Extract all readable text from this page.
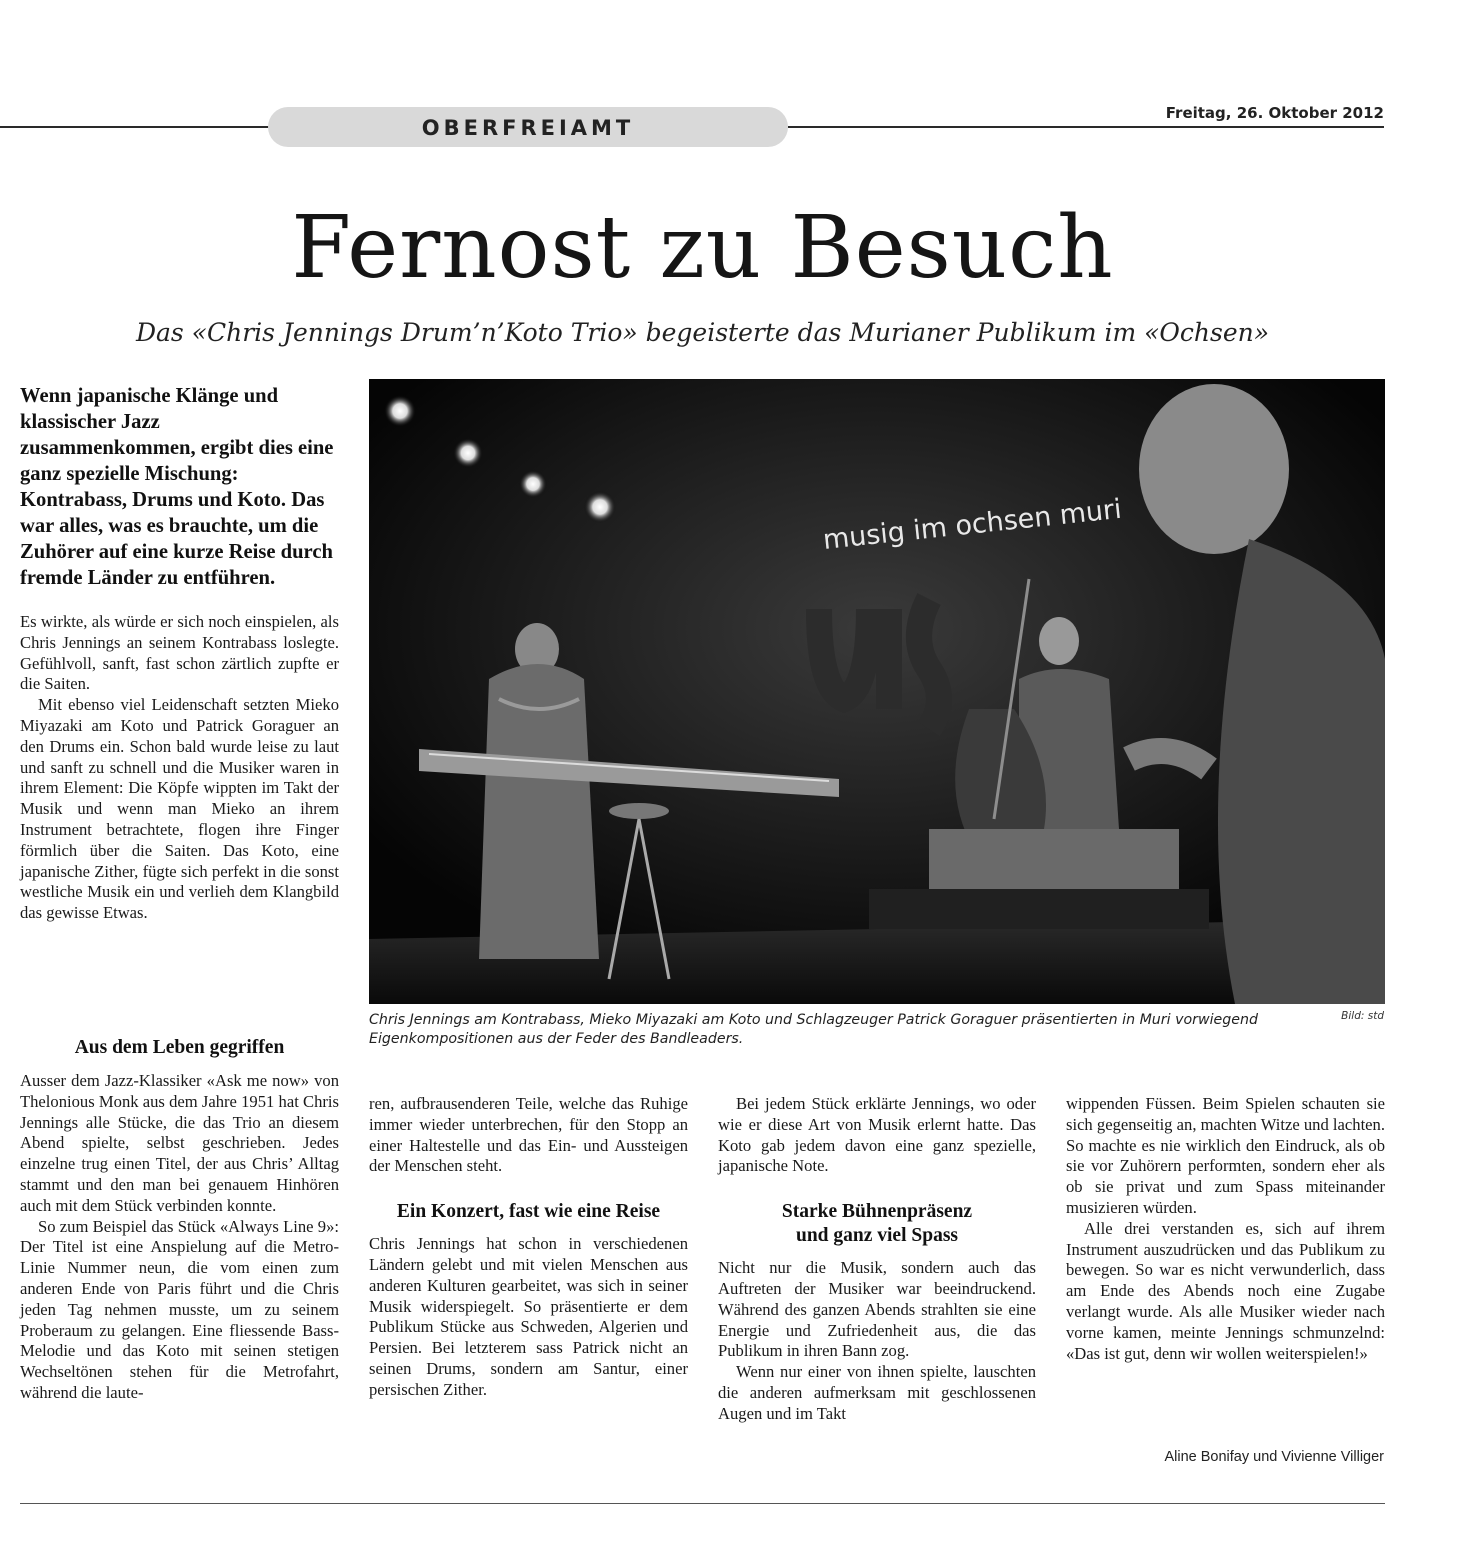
OBERFREIAMT
Freitag, 26. Oktober 2012
Fernost zu Besuch
Das «Chris Jennings Drum’n’Koto Trio» begeisterte das Murianer Publikum im «Ochsen»
Wenn japanische Klänge und klassischer Jazz zusammenkommen, ergibt dies eine ganz spezielle Mischung: Kontrabass, Drums und Koto. Das war alles, was es brauchte, um die Zuhörer auf eine kurze Reise durch fremde Länder zu entführen.

Es wirkte, als würde er sich noch einspielen, als Chris Jennings an seinem Kontrabass loslegte. Gefühlvoll, sanft, fast schon zärtlich zupfte er die Saiten.

Mit ebenso viel Leidenschaft setzten Mieko Miyazaki am Koto und Patrick Goraguer an den Drums ein. Schon bald wurde leise zu laut und sanft zu schnell und die Musiker waren in ihrem Element: Die Köpfe wippten im Takt der Musik und wenn man Mieko an ihrem Instrument betrachtete, flogen ihre Finger förmlich über die Saiten. Das Koto, eine japanische Zither, fügte sich perfekt in die sonst westliche Musik ein und verlieh dem Klangbild das gewisse Etwas.

Aus dem Leben gegriffen

Ausser dem Jazz-Klassiker «Ask me now» von Thelonious Monk aus dem Jahre 1951 hat Chris Jennings alle Stücke, die das Trio an diesem Abend spielte, selbst geschrieben. Jedes einzelne trug einen Titel, der aus Chris’ Alltag stammt und den man bei genauem Hinhören auch mit dem Stück verbinden konnte.

So zum Beispiel das Stück «Always Line 9»: Der Titel ist eine Anspielung auf die Metro-Linie Nummer neun, die vom einen zum anderen Ende von Paris führt und die Chris jeden Tag nehmen musste, um zu seinem Proberaum zu gelangen. Eine fliessende Bass-Melodie und das Koto mit seinen stetigen Wechseltönen stehen für die Metrofahrt, während die laute-

ren, aufbrausenderen Teile, welche das Ruhige immer wieder unterbrechen, für den Stopp an einer Haltestelle und das Ein- und Aussteigen der Menschen steht.

Ein Konzert, fast wie eine Reise

Chris Jennings hat schon in verschiedenen Ländern gelebt und mit vielen Menschen aus anderen Kulturen gearbeitet, was sich in seiner Musik widerspiegelt. So präsentierte er dem Publikum Stücke aus Schweden, Algerien und Persien. Bei letzterem sass Patrick nicht an seinen Drums, sondern am Santur, einer persischen Zither.

Bei jedem Stück erklärte Jennings, wo oder wie er diese Art von Musik erlernt hatte. Das Koto gab jedem davon eine ganz spezielle, japanische Note.

Starke Bühnenpräsenz
und ganz viel Spass

Nicht nur die Musik, sondern auch das Auftreten der Musiker war beeindruckend. Während des ganzen Abends strahlten sie eine Energie und Zufriedenheit aus, die das Publikum in ihren Bann zog.

Wenn nur einer von ihnen spielte, lauschten die anderen aufmerksam mit geschlossenen Augen und im Takt

wippenden Füssen. Beim Spielen schauten sie sich gegenseitig an, machten Witze und lachten. So machte es nie wirklich den Eindruck, als ob sie vor Zuhörern performten, sondern eher als ob sie privat und zum Spass miteinander musizieren würden.

Alle drei verstanden es, sich auf ihrem Instrument auszudrücken und das Publikum zu bewegen. So war es nicht verwunderlich, dass am Ende des Abends noch eine Zugabe verlangt wurde. Als alle Musiker wieder nach vorne kamen, meinte Jennings schmunzelnd: «Das ist gut, denn wir wollen weiterspielen!»

Aline Bonifay und Vivienne Villiger
musig im ochsen muri
Chris Jennings am Kontrabass, Mieko Miyazaki am Koto und Schlagzeuger Patrick Goraguer präsentierten in Muri vorwiegend Eigenkompositionen aus der Feder des Bandleaders.
Bild: std
